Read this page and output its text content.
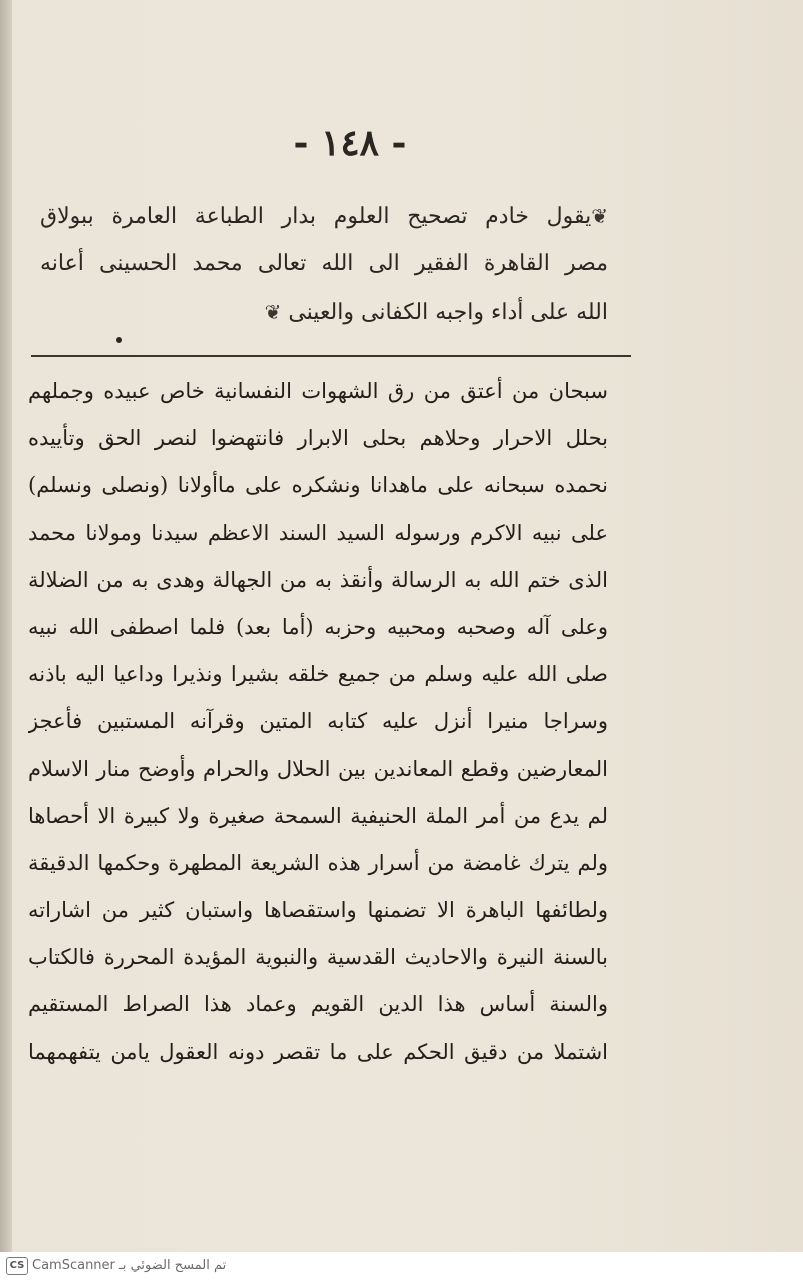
- ١٤٨ -
❦يقول خادم تصحيح العلوم بدار الطباعة العامرة ببولاق
مصر القاهرة الفقير الى الله تعالى محمد الحسينى أعانه
الله على أداء واجبه الكفانى والعينى ❦
سبحان من أعتق من رق الشهوات النفسانية خاص عبيده وجملهم
بحلل الاحرار وحلاهم بحلى الابرار فانتهضوا لنصر الحق وتأييده
نحمده سبحانه على ماهدانا ونشكره على ماأولانا (ونصلى ونسلم)
على نبيه الاكرم ورسوله السيد السند الاعظم سيدنا ومولانا محمد
الذى ختم الله به الرسالة وأنقذ به من الجهالة وهدى به من الضلالة
وعلى آله وصحبه ومحبيه وحزبه (أما بعد) فلما اصطفى الله نبيه
صلى الله عليه وسلم من جميع خلقه بشيرا ونذيرا وداعيا اليه باذنه
وسراجا منيرا أنزل عليه كتابه المتين وقرآنه المستبين فأعجز
المعارضين وقطع المعاندين بين الحلال والحرام وأوضح منار الاسلام
لم يدع من أمر الملة الحنيفية السمحة صغيرة ولا كبيرة الا أحصاها
ولم يترك غامضة من أسرار هذه الشريعة المطهرة وحكمها الدقيقة
ولطائفها الباهرة الا تضمنها واستقصاها واستبان كثير من اشاراته
بالسنة النيرة والاحاديث القدسية والنبوية المؤيدة المحررة فالكتاب
والسنة أساس هذا الدين القويم وعماد هذا الصراط المستقيم
اشتملا من دقيق الحكم على ما تقصر دونه العقول يامن يتفهمهما
CS تم المسح الضوئي بـ CamScanner
